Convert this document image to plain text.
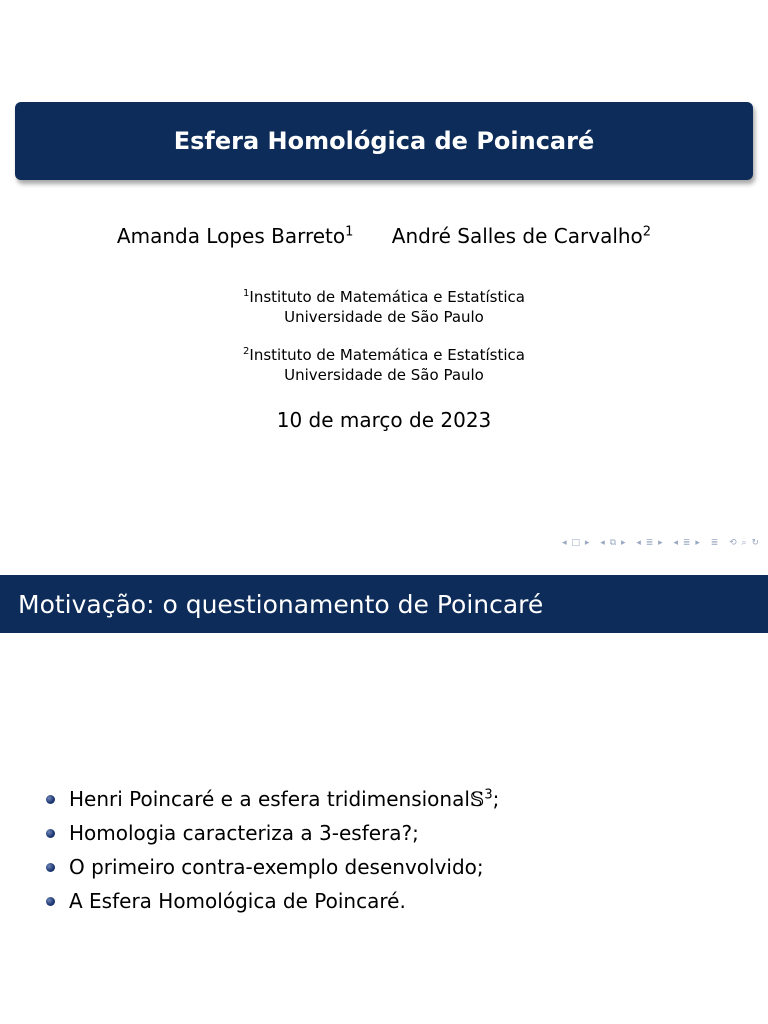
Esfera Homológica de Poincaré
Amanda Lopes Barreto$^1$ André Salles de Carvalho$^2$
$^1$Instituto de Matemática e Estatística
Universidade de São Paulo
$^2$Instituto de Matemática e Estatística
Universidade de São Paulo
10 de março de 2023
◂ □ ▸ ◂ ⧉ ▸ ◂ ≣ ▸ ◂ ≣ ▸ ≣ ⟲ ⌕ ↻
Motivação: o questionamento de Poincaré
Henri Poincaré e a esfera tridimensional 𝕊$^3$ ;
Homologia caracteriza a 3-esfera?;
O primeiro contra-exemplo desenvolvido;
A Esfera Homológica de Poincaré.
